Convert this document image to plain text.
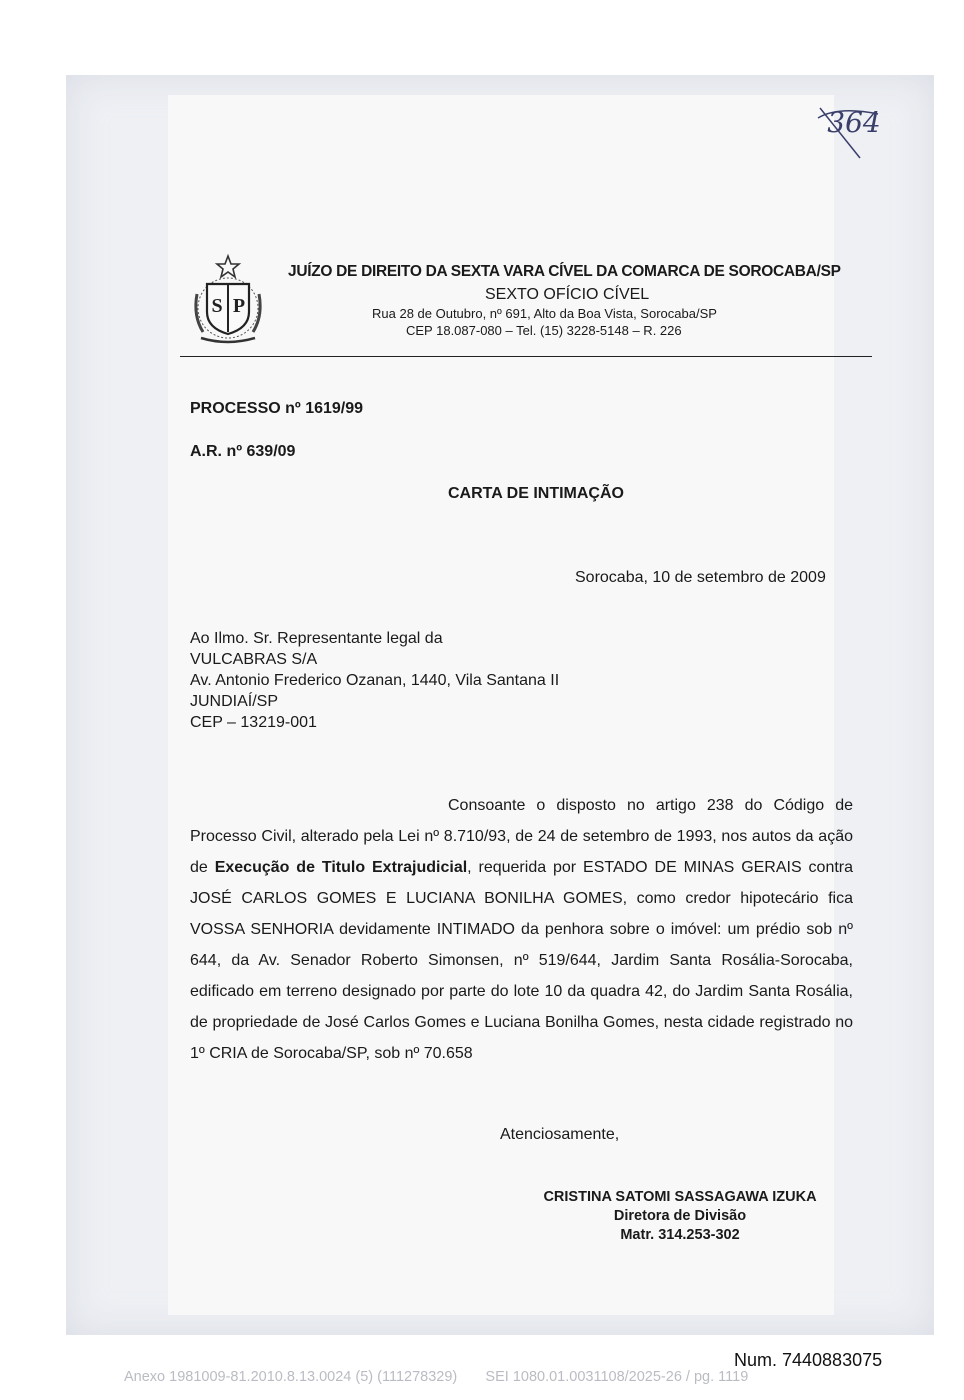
S P
JUÍZO DE DIREITO DA SEXTA VARA CÍVEL DA COMARCA DE SOROCABA/SP
SEXTO OFÍCIO CÍVEL
Rua 28 de Outubro, nº 691, Alto da Boa Vista, Sorocaba/SP
CEP 18.087-080 – Tel. (15) 3228-5148 – R. 226
364
PROCESSO nº 1619/99
A.R. nº 639/09
CARTA DE INTIMAÇÃO
Sorocaba, 10 de setembro de 2009
Ao Ilmo. Sr. Representante legal da
VULCABRAS S/A
Av. Antonio Frederico Ozanan, 1440, Vila Santana II
JUNDIAÍ/SP
CEP – 13219-001
Consoante o disposto no artigo 238 do Código de Processo Civil, alterado pela Lei nº 8.710/93, de 24 de setembro de 1993, nos autos da ação de Execução de Titulo Extrajudicial, requerida por ESTADO DE MINAS GERAIS contra JOSÉ CARLOS GOMES E LUCIANA BONILHA GOMES, como credor hipotecário fica VOSSA SENHORIA devidamente INTIMADO da penhora sobre o imóvel: um prédio sob nº 644, da Av. Senador Roberto Simonsen, nº 519/644, Jardim Santa Rosália-Sorocaba, edificado em terreno designado por parte do lote 10 da quadra 42, do Jardim Santa Rosália, de propriedade de José Carlos Gomes e Luciana Bonilha Gomes, nesta cidade registrado no 1º CRIA de Sorocaba/SP, sob nº 70.658
Atenciosamente,
CRISTINA SATOMI SASSAGAWA IZUKA
Diretora de Divisão
Matr. 314.253-302
Num. 7440883075
Anexo 1981009-81.2010.8.13.0024 (5) (111278329)       SEI 1080.01.0031108/2025-26 / pg. 1119
